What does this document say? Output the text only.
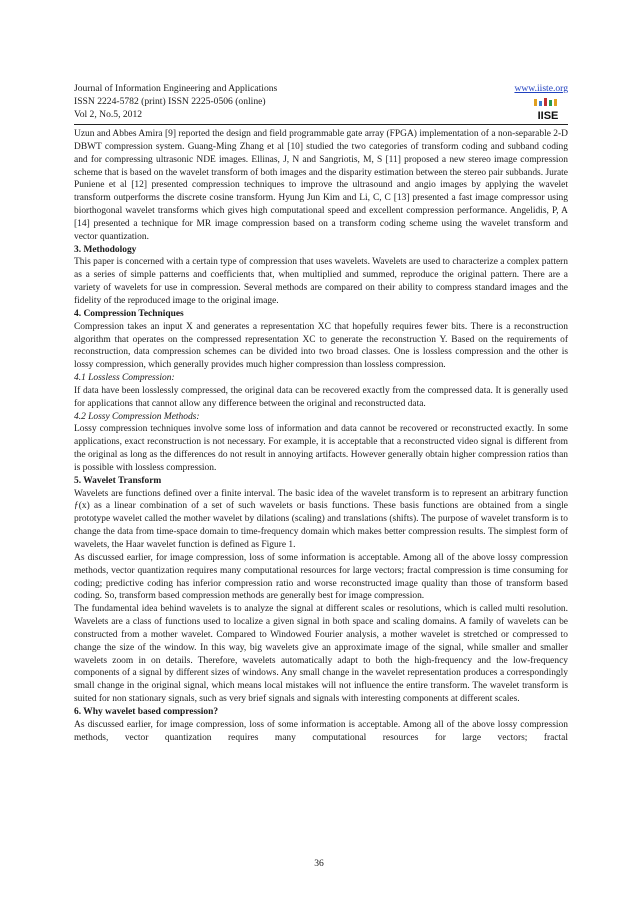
Journal of Information Engineering and Applications
ISSN 2224-5782 (print) ISSN 2225-0506 (online)
Vol 2, No.5, 2012
www.iiste.org
IISE

Uzun and Abbes Amira [9] reported the design and field programmable gate array (FPGA) implementation of a non-separable 2-D DBWT compression system. Guang-Ming Zhang et al [10] studied the two categories of transform coding and subband coding and for compressing ultrasonic NDE images. Ellinas, J, N and Sangriotis, M, S [11] proposed a new stereo image compression scheme that is based on the wavelet transform of both images and the disparity estimation between the stereo pair subbands. Jurate Puniene et al [12] presented compression techniques to improve the ultrasound and angio images by applying the wavelet transform outperforms the discrete cosine transform. Hyung Jun Kim and Li, C, C [13] presented a fast image compressor using biorthogonal wavelet transforms which gives high computational speed and excellent compression performance. Angelidis, P, A [14] presented a technique for MR image compression based on a transform coding scheme using the wavelet transform and vector quantization.

3. Methodology

This paper is concerned with a certain type of compression that uses wavelets. Wavelets are used to characterize a complex pattern as a series of simple patterns and coefficients that, when multiplied and summed, reproduce the original pattern. There are a variety of wavelets for use in compression. Several methods are compared on their ability to compress standard images and the fidelity of the reproduced image to the original image.

4. Compression Techniques

Compression takes an input X and generates a representation XC that hopefully requires fewer bits. There is a reconstruction algorithm that operates on the compressed representation XC to generate the reconstruction Y. Based on the requirements of reconstruction, data compression schemes can be divided into two broad classes. One is lossless compression and the other is lossy compression, which generally provides much higher compression than lossless compression.

4.1 Lossless Compression:

If data have been losslessly compressed, the original data can be recovered exactly from the compressed data. It is generally used for applications that cannot allow any difference between the original and reconstructed data.

4.2 Lossy Compression Methods:

Lossy compression techniques involve some loss of information and data cannot be recovered or reconstructed exactly. In some applications, exact reconstruction is not necessary. For example, it is acceptable that a reconstructed video signal is different from the original as long as the differences do not result in annoying artifacts. However generally obtain higher compression ratios than is possible with lossless compression.

5. Wavelet Transform

Wavelets are functions defined over a finite interval. The basic idea of the wavelet transform is to represent an arbitrary function ƒ(x) as a linear combination of a set of such wavelets or basis functions. These basis functions are obtained from a single prototype wavelet called the mother wavelet by dilations (scaling) and translations (shifts). The purpose of wavelet transform is to change the data from time-space domain to time-frequency domain which makes better compression results. The simplest form of wavelets, the Haar wavelet function is defined as Figure 1.

As discussed earlier, for image compression, loss of some information is acceptable. Among all of the above lossy compression methods, vector quantization requires many computational resources for large vectors; fractal compression is time consuming for coding; predictive coding has inferior compression ratio and worse reconstructed image quality than those of transform based coding. So, transform based compression methods are generally best for image compression.

The fundamental idea behind wavelets is to analyze the signal at different scales or resolutions, which is called multi resolution. Wavelets are a class of functions used to localize a given signal in both space and scaling domains. A family of wavelets can be constructed from a mother wavelet. Compared to Windowed Fourier analysis, a mother wavelet is stretched or compressed to change the size of the window. In this way, big wavelets give an approximate image of the signal, while smaller and smaller wavelets zoom in on details. Therefore, wavelets automatically adapt to both the high-frequency and the low-frequency components of a signal by different sizes of windows. Any small change in the wavelet representation produces a correspondingly small change in the original signal, which means local mistakes will not influence the entire transform. The wavelet transform is suited for non stationary signals, such as very brief signals and signals with interesting components at different scales.

6. Why wavelet based compression?

As discussed earlier, for image compression, loss of some information is acceptable. Among all of the above lossy compression methods, vector quantization requires many computational resources for large vectors; fractal

36
